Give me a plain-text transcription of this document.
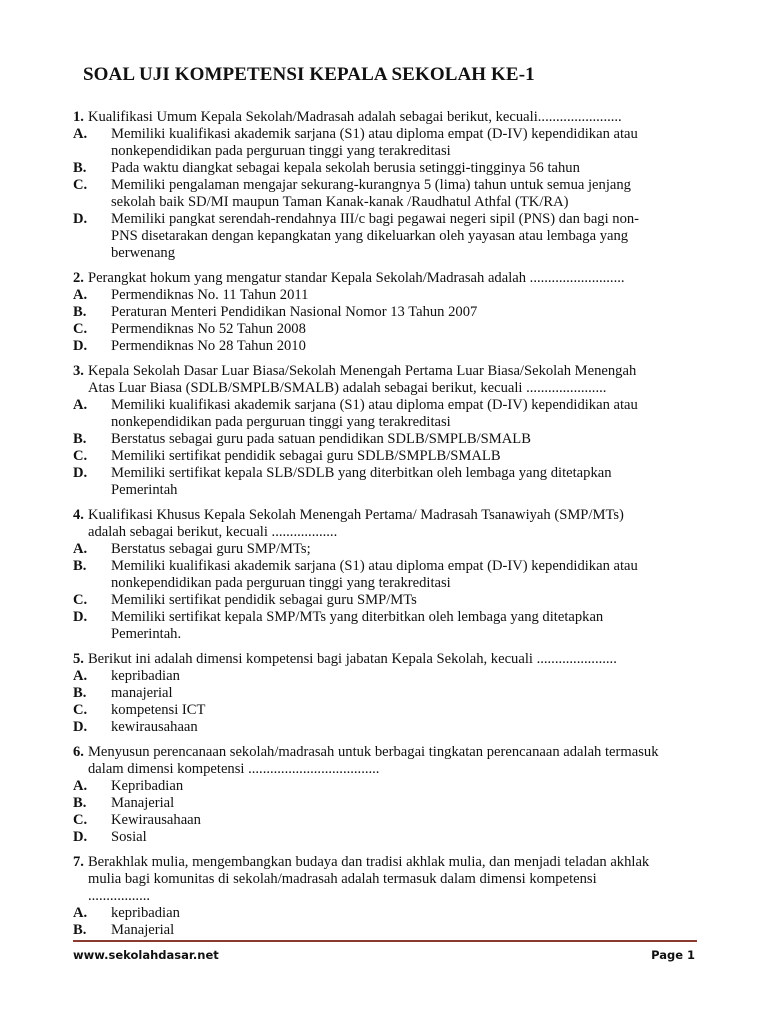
SOAL UJI KOMPETENSI KEPALA SEKOLAH KE-1
1. Kualifikasi Umum Kepala Sekolah/Madrasah adalah sebagai berikut, kecuali.......................
A.	Memiliki kualifikasi akademik sarjana (S1) atau diploma empat (D-IV) kependidikan atau
nonkependidikan pada perguruan tinggi yang terakreditasi
B.	Pada waktu diangkat sebagai kepala sekolah berusia setinggi-tingginya 56 tahun
C.	Memiliki pengalaman mengajar sekurang-kurangnya 5 (lima) tahun untuk semua jenjang
sekolah baik SD/MI maupun Taman Kanak-kanak /Raudhatul Athfal (TK/RA)
D.	Memiliki pangkat serendah-rendahnya III/c bagi pegawai negeri sipil (PNS) dan bagi non-
PNS disetarakan dengan kepangkatan yang dikeluarkan oleh yayasan atau lembaga yang
berwenang
2. Perangkat hokum yang mengatur standar Kepala Sekolah/Madrasah adalah ..........................
A.	Permendiknas No. 11 Tahun 2011
B.	Peraturan Menteri Pendidikan Nasional Nomor 13 Tahun 2007
C.	Permendiknas No 52 Tahun 2008
D.	Permendiknas No 28 Tahun 2010
3. Kepala Sekolah Dasar Luar Biasa/Sekolah Menengah Pertama Luar Biasa/Sekolah Menengah
Atas Luar Biasa (SDLB/SMPLB/SMALB) adalah sebagai berikut, kecuali ......................
A.	Memiliki kualifikasi akademik sarjana (S1) atau diploma empat (D-IV) kependidikan atau
nonkependidikan pada perguruan tinggi yang terakreditasi
B.	Berstatus sebagai guru pada satuan pendidikan SDLB/SMPLB/SMALB
C.	Memiliki sertifikat pendidik sebagai guru SDLB/SMPLB/SMALB
D.	Memiliki sertifikat kepala SLB/SDLB yang diterbitkan oleh lembaga yang ditetapkan
Pemerintah
4. Kualifikasi Khusus Kepala Sekolah Menengah Pertama/ Madrasah Tsanawiyah (SMP/MTs)
adalah sebagai berikut, kecuali ..................
A.	Berstatus sebagai guru SMP/MTs;
B.	Memiliki kualifikasi akademik sarjana (S1) atau diploma empat (D-IV) kependidikan atau
nonkependidikan pada perguruan tinggi yang terakreditasi
C.	Memiliki sertifikat pendidik sebagai guru SMP/MTs
D.	Memiliki sertifikat kepala SMP/MTs yang diterbitkan oleh lembaga yang ditetapkan
Pemerintah.
5. Berikut ini adalah dimensi kompetensi bagi jabatan Kepala Sekolah, kecuali ......................
A.	kepribadian
B.	manajerial
C.	kompetensi ICT
D.	kewirausahaan
6. Menyusun perencanaan sekolah/madrasah untuk berbagai tingkatan perencanaan adalah termasuk
dalam dimensi kompetensi ....................................
A.	Kepribadian
B.	Manajerial
C.	Kewirausahaan
D.	Sosial
7. Berakhlak mulia, mengembangkan budaya dan tradisi akhlak mulia, dan menjadi teladan akhlak
mulia bagi komunitas di sekolah/madrasah adalah termasuk dalam dimensi kompetensi
.................
A.	kepribadian
B.	Manajerial
www.sekolahdasar.net	Page 1
